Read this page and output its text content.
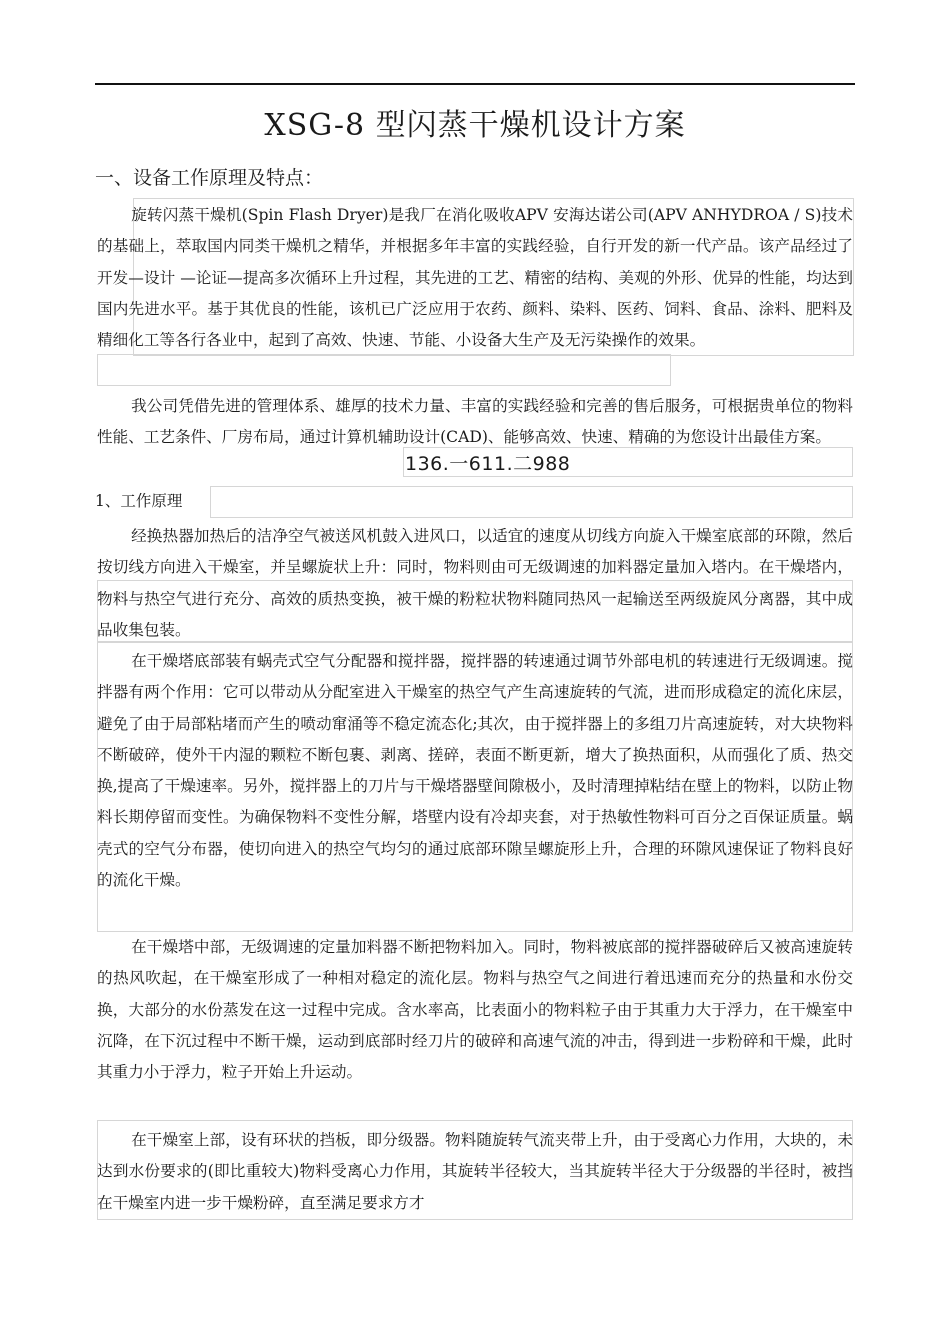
XSG-8 型闪蒸干燥机设计方案
一、设备工作原理及特点：

旋转闪蒸干燥机(Spin Flash Dryer)是我厂在消化吸收APV 安海达诺公司(APV ANHYDROA / S)技术的基础上，萃取国内同类干燥机之精华，并根据多年丰富的实践经验，自行开发的新一代产品。该产品经过了开发—设计 —论证—提高多次循环上升过程，其先进的工艺、精密的结构、美观的外形、优异的性能，均达到国内先进水平。基于其优良的性能，该机已广泛应用于农药、颜料、染料、医药、饲料、食品、涂料、肥料及精细化工等各行各业中，起到了高效、快速、节能、小设备大生产及无污染操作的效果。

我公司凭借先进的管理体系、雄厚的技术力量、丰富的实践经验和完善的售后服务，可根据贵单位的物料性能、工艺条件、厂房布局，通过计算机辅助设计(CAD)、能够高效、快速、精确的为您设计出最佳方案。

136.一611.二988
1、工作原理

经换热器加热后的洁净空气被送风机鼓入进风口，以适宜的速度从切线方向旋入干燥室底部的环隙，然后按切线方向进入干燥室，并呈螺旋状上升：同时，物料则由可无级调速的加料器定量加入塔内。在干燥塔内，物料与热空气进行充分、高效的质热变换，被干燥的粉粒状物料随同热风一起输送至两级旋风分离器，其中成品收集包装。

在干燥塔底部装有蜗壳式空气分配器和搅拌器，搅拌器的转速通过调节外部电机的转速进行无级调速。搅拌器有两个作用：它可以带动从分配室进入干燥室的热空气产生高速旋转的气流，进而形成稳定的流化床层，避免了由于局部粘堵而产生的喷动窜涌等不稳定流态化;其次，由于搅拌器上的多组刀片高速旋转，对大块物料不断破碎，使外干内湿的颗粒不断包裹、剥离、搓碎，表面不断更新，增大了换热面积，从而强化了质、热交换,提高了干燥速率。另外，搅拌器上的刀片与干燥塔器壁间隙极小，及时清理掉粘结在壁上的物料，以防止物料长期停留而变性。为确保物料不变性分解，塔壁内设有冷却夹套，对于热敏性物料可百分之百保证质量。蜗壳式的空气分布器，使切向进入的热空气均匀的通过底部环隙呈螺旋形上升，合理的环隙风速保证了物料良好的流化干燥。

在干燥塔中部，无级调速的定量加料器不断把物料加入。同时，物料被底部的搅拌器破碎后又被高速旋转的热风吹起，在干燥室形成了一种相对稳定的流化层。物料与热空气之间进行着迅速而充分的热量和水份交换，大部分的水份蒸发在这一过程中完成。含水率高，比表面小的物料粒子由于其重力大于浮力，在干燥室中沉降，在下沉过程中不断干燥，运动到底部时经刀片的破碎和高速气流的冲击，得到进一步粉碎和干燥，此时其重力小于浮力，粒子开始上升运动。

在干燥室上部，设有环状的挡板，即分级器。物料随旋转气流夹带上升，由于受离心力作用，大块的，未达到水份要求的(即比重较大)物料受离心力作用，其旋转半径较大，当其旋转半径大于分级器的半径时，被挡在干燥室内进一步干燥粉碎，直至满足要求方才
